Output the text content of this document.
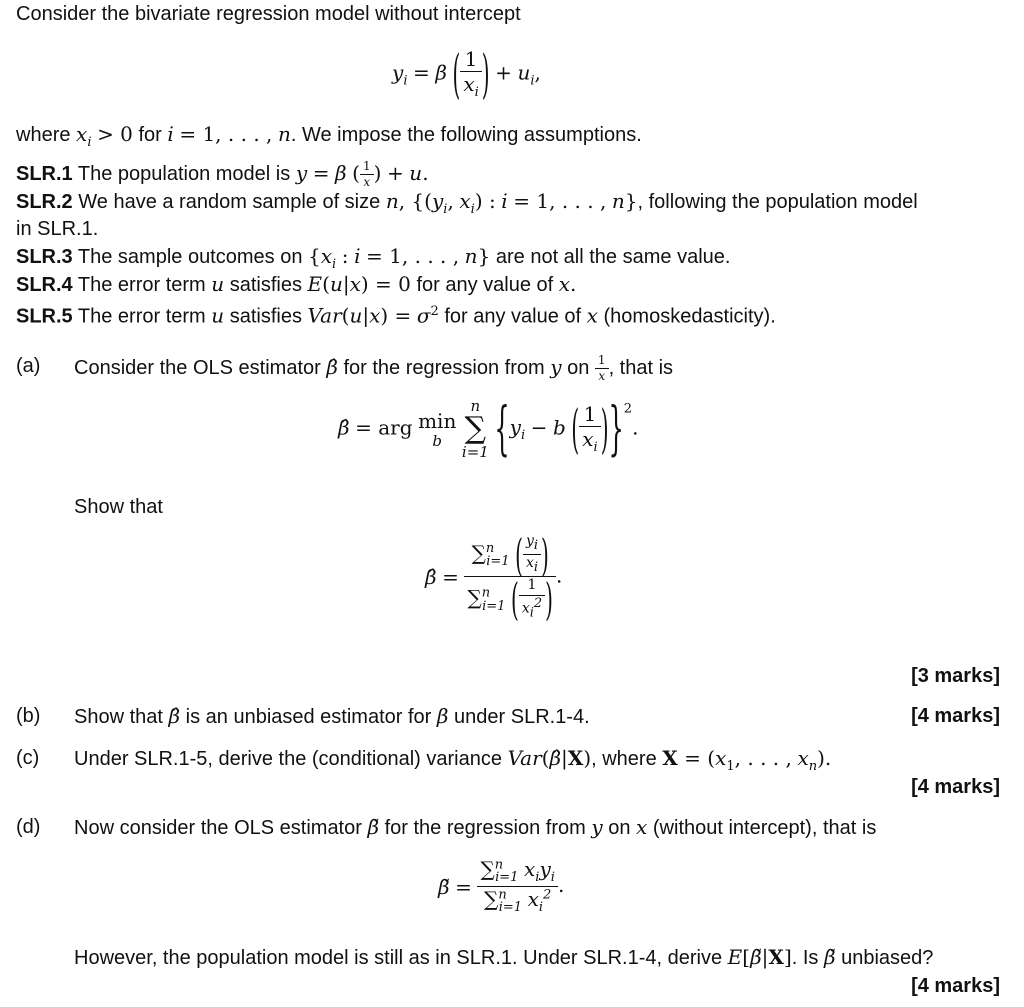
Consider the bivariate regression model without intercept
$y_i = \beta$ ( $\frac{1}{x_i}$ ) + $u_i$,
where $x_i > 0$ for i = 1, . . . , n. We impose the following assumptions.
SLR.1 The population model is y = β ( $\frac{1}{x}$ ) + u.
SLR.2 We have a random sample of size n, {($y_i$, $x_i$) : i = 1, . . . , n}, following the population model
in SLR.1.
SLR.3 The sample outcomes on {$x_i$ : i = 1, . . . , n} are not all the same value.
SLR.4 The error term u satisfies E(u|x) = 0 for any value of x.
SLR.5 The error term u satisfies $Var(u|x) = \sigma^2$ for any value of x (homoskedasticity).
(a) Consider the OLS estimator β̂ for the regression from y on $\frac{1}{x}$ , that is
β̂ = arg min
b

n
∑
i=1 {$y_i - b$ ( $\frac{1}{x_i} )\}^2$.
Show that
β̂ = $\frac{\sum^n_{i=1} ( \frac{y_i}{x_i} )}{\sum^n_{i=1} ( \frac{1}{x_i^2} )}$ .
[3 marks]
(b) Show that β̂ is an unbiased estimator for β under SLR.1-4.	[4 marks]
(c) Under SLR.1-5, derive the (conditional) variance Var(β̂|X), where $X = (x_1$, . . . , $x_n$).
[4 marks]
(d) Now consider the OLS estimator β̃ for the regression from y on x (without intercept), that is
β̃ = $\frac{\sum^n_{i=1} x_iy_i}{\sum^n_{i=1} x_i^2}$ .
However, the population model is still as in SLR.1. Under SLR.1-4, derive E[β̃|X]. Is β̃ unbiased?
[4 marks]
